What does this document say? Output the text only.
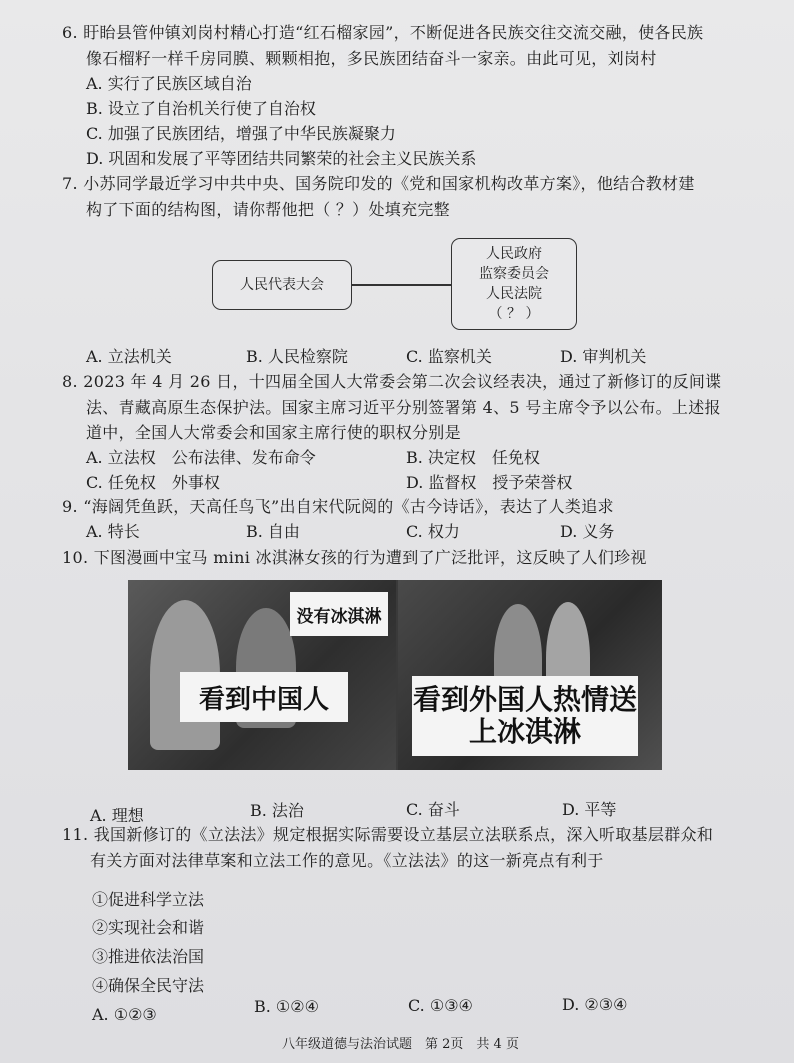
6. 盱眙县管仲镇刘岗村精心打造“红石榴家园”，不断促进各民族交往交流交融，使各民族
像石榴籽一样千房同膜、颗颗相抱，多民族团结奋斗一家亲。由此可见，刘岗村
A. 实行了民族区域自治
B. 设立了自治机关行使了自治权
C. 加强了民族团结，增强了中华民族凝聚力
D. 巩固和发展了平等团结共同繁荣的社会主义民族关系
7. 小苏同学最近学习中共中央、国务院印发的《党和国家机构改革方案》，他结合教材建
构了下面的结构图，请你帮他把（ ？）处填充完整
人民代表大会
人民政府
监察委员会
人民法院
（ ？ ）
A. 立法机关	B. 人民检察院	C. 监察机关	D. 审判机关
8. 2023 年 4 月 26 日，十四届全国人大常委会第二次会议经表决，通过了新修订的反间谍
法、青藏高原生态保护法。国家主席习近平分别签署第 4、5 号主席令予以公布。上述报
道中，全国人大常委会和国家主席行使的职权分别是
A. 立法权　公布法律、发布命令	B. 决定权　任免权
C. 任免权　外事权	D. 监督权　授予荣誉权
9. “海阔凭鱼跃，天高任鸟飞”出自宋代阮阅的《古今诗话》，表达了人类追求
A. 特长	B. 自由	C. 权力	D. 义务
10. 下图漫画中宝马 mini 冰淇淋女孩的行为遭到了广泛批评，这反映了人们珍视
没有冰淇淋
看到中国人	看到外国人热情送上冰淇淋
A. 理想	B. 法治	C. 奋斗	D. 平等
11. 我国新修订的《立法法》规定根据实际需要设立基层立法联系点，深入听取基层群众和
有关方面对法律草案和立法工作的意见。《立法法》的这一新亮点有利于
①促进科学立法
②实现社会和谐
③推进依法治国
④确保全民守法
A. ①②③	B. ①②④	C. ①③④	D. ②③④
八年级道德与法治试题　第 2页　共 4 页
